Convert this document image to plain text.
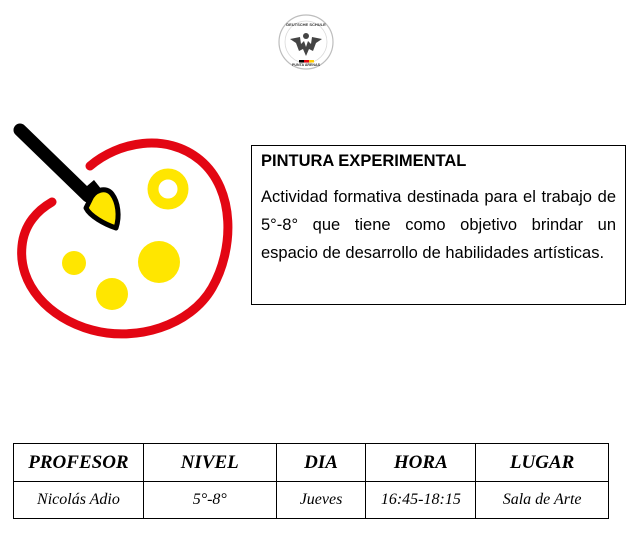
DEUTSCHE SCHULE
PUNTA ARENAS

PINTURA EXPERIMENTAL

Actividad formativa destinada para el trabajo de 5°-8° que tiene como objetivo brindar un espacio de desarrollo de habilidades artísticas.

PROFESOR	NIVEL	DIA	HORA	LUGAR
Nicolás Adio	5°-8°	Jueves	16:45-18:15	Sala de Arte
